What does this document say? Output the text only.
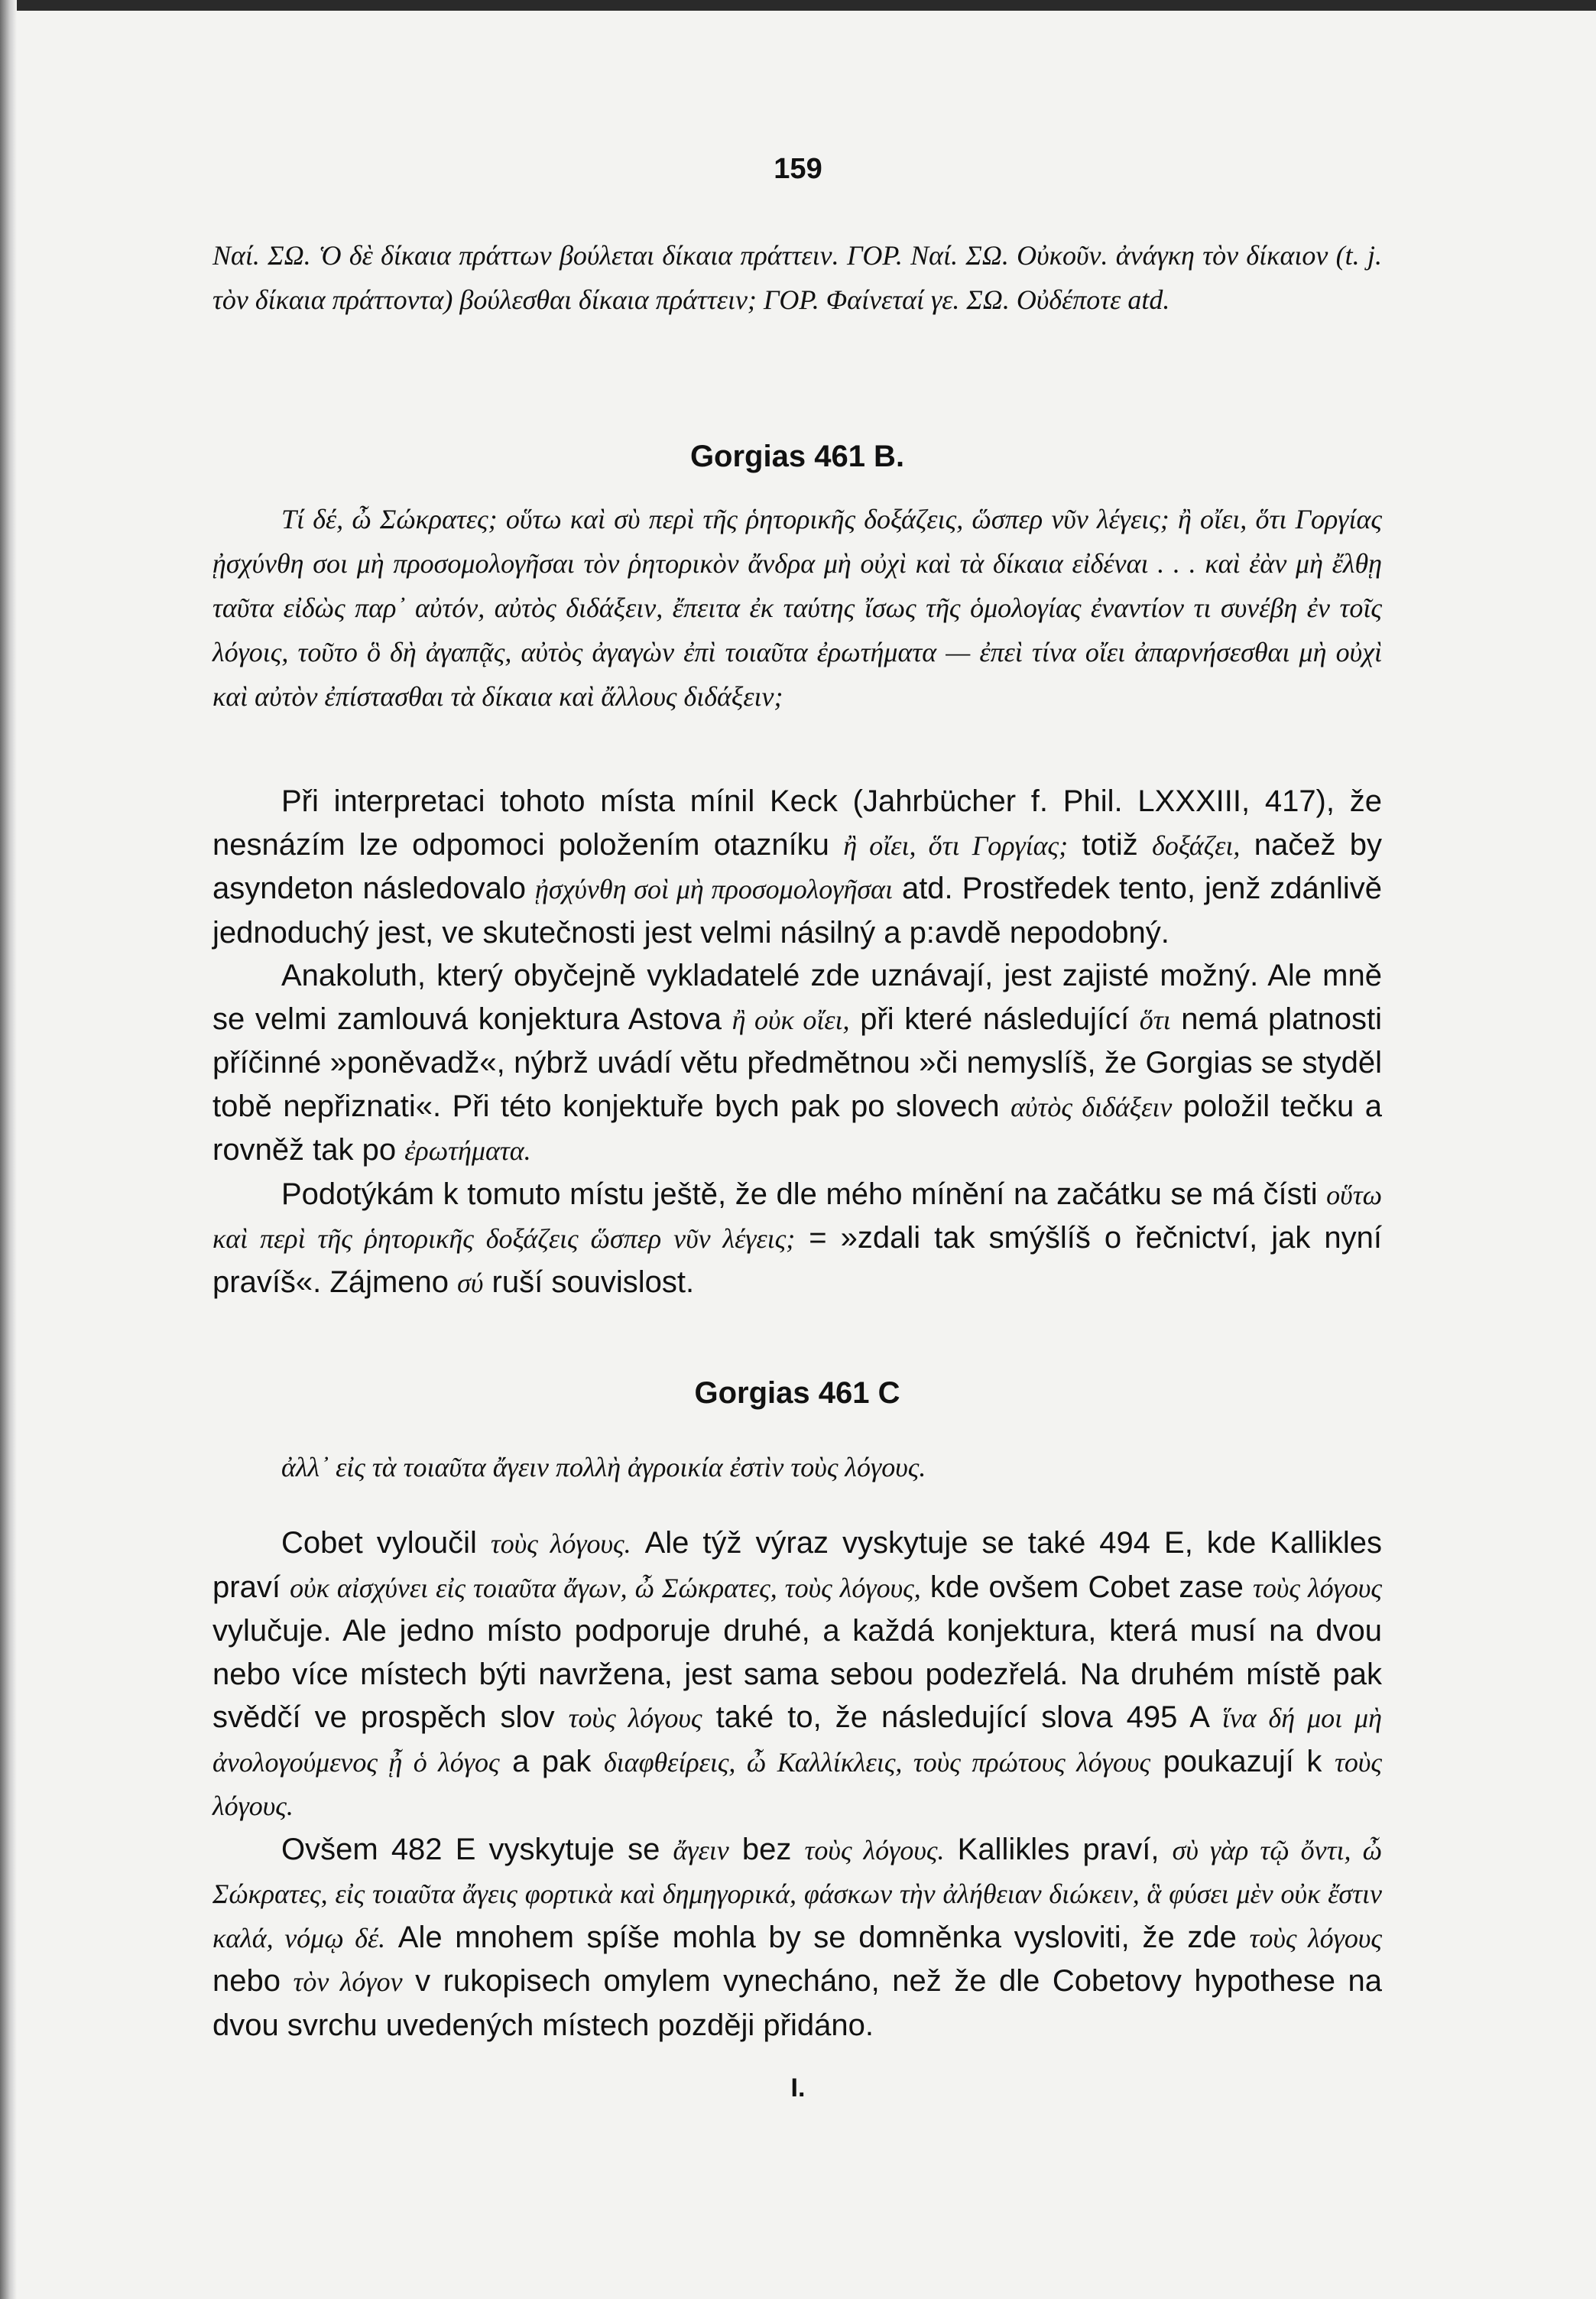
159

Ναί. ΣΩ. Ὁ δὲ δίκαια πράττων βούλεται δίκαια πράττειν. ΓΟΡ. Ναί. ΣΩ. Οὐκοῦν. ἀνάγκη τὸν δίκαιον (t. j. τὸν δίκαια πράττοντα) βούλεσθαι δίκαια πράττειν; ΓΟΡ. Φαίνεταί γε. ΣΩ. Οὐδέποτε atd.

Gorgias 461 B.

Τί δέ, ὦ Σώκρατες; οὕτω καὶ σὺ περὶ τῆς ῥητορικῆς δοξάζεις, ὥσπερ νῦν λέγεις; ἢ οἴει, ὅτι Γοργίας ᾐσχύνθη σοι μὴ προσομολογῆσαι τὸν ῥητορικὸν ἄνδρα μὴ οὐχὶ καὶ τὰ δίκαια εἰδέναι . . . καὶ ἐὰν μὴ ἔλθῃ ταῦτα εἰδὼς παρ᾽ αὐτόν, αὐτὸς διδάξειν, ἔπειτα ἐκ ταύτης ἴσως τῆς ὁμολογίας ἐναντίον τι συνέβη ἐν τοῖς λόγοις, τοῦτο ὃ δὴ ἀγαπᾷς, αὐτὸς ἀγαγὼν ἐπὶ τοιαῦτα ἐρωτήματα — ἐπεὶ τίνα οἴει ἀπαρνήσεσθαι μὴ οὐχὶ καὶ αὐτὸν ἐπίστασθαι τὰ δίκαια καὶ ἄλλους διδάξειν;

Při interpretaci tohoto místa mínil Keck (Jahrbücher f. Phil. LXXXIII, 417), že nesnázím lze odpomoci položením otazníku ἢ οἴει, ὅτι Γοργίας; totiž δοξάζει, načež by asyndeton následovalo ᾐσχύνθη σοὶ μὴ προσομολογῆσαι atd. Prostředek tento, jenž zdánlivě jednoduchý jest, ve skutečnosti jest velmi násilný a p:avdě nepodobný.

Anakoluth, který obyčejně vykladatelé zde uznávají, jest zajisté možný. Ale mně se velmi zamlouvá konjektura Astova ἢ οὐκ οἴει, při které následující ὅτι nemá platnosti příčinné »poněvadž«, nýbrž uvádí větu předmětnou »či nemyslíš, že Gorgias se styděl tobě nepřiznati«. Při této konjektuře bych pak po slovech αὐτὸς διδάξειν položil tečku a rovněž tak po ἐρωτήματα.

Podotýkám k tomuto místu ještě, že dle mého mínění na začátku se má čísti οὕτω καὶ περὶ τῆς ῥητορικῆς δοξάζεις ὥσπερ νῦν λέγεις; = »zdali tak smýšlíš o řečnictví, jak nyní pravíš«. Zájmeno σύ ruší souvislost.

Gorgias 461 C

ἀλλ᾽ εἰς τὰ τοιαῦτα ἄγειν πολλὴ ἀγροικία ἐστὶν τοὺς λόγους.

Cobet vyloučil τοὺς λόγους. Ale týž výraz vyskytuje se také 494 E, kde Kallikles praví οὐκ αἰσχύνει εἰς τοιαῦτα ἄγων, ὦ Σώκρατες, τοὺς λόγους, kde ovšem Cobet zase τοὺς λόγους vylučuje. Ale jedno místo podporuje druhé, a každá konjektura, která musí na dvou nebo více místech býti navržena, jest sama sebou podezřelá. Na druhém místě pak svědčí ve prospěch slov τοὺς λόγους také to, že následující slova 495 A ἵνα δή μοι μὴ ἀνολογούμενος ᾖ ὁ λόγος a pak διαφθείρεις, ὦ Καλλίκλεις, τοὺς πρώτους λόγους poukazují k τοὺς λόγους.

Ovšem 482 E vyskytuje se ἄγειν bez τοὺς λόγους. Kallikles praví, σὺ γὰρ τῷ ὄντι, ὦ Σώκρατες, εἰς τοιαῦτα ἄγεις φορτικὰ καὶ δημηγορικά, φάσκων τὴν ἀλήθειαν διώκειν, ἃ φύσει μὲν οὐκ ἔστιν καλά, νόμῳ δέ. Ale mnohem spíše mohla by se domněnka vysloviti, že zde τοὺς λόγους nebo τὸν λόγον v rukopisech omylem vynecháno, než že dle Cobetovy hypothese na dvou svrchu uvedených místech později přidáno.

I.
